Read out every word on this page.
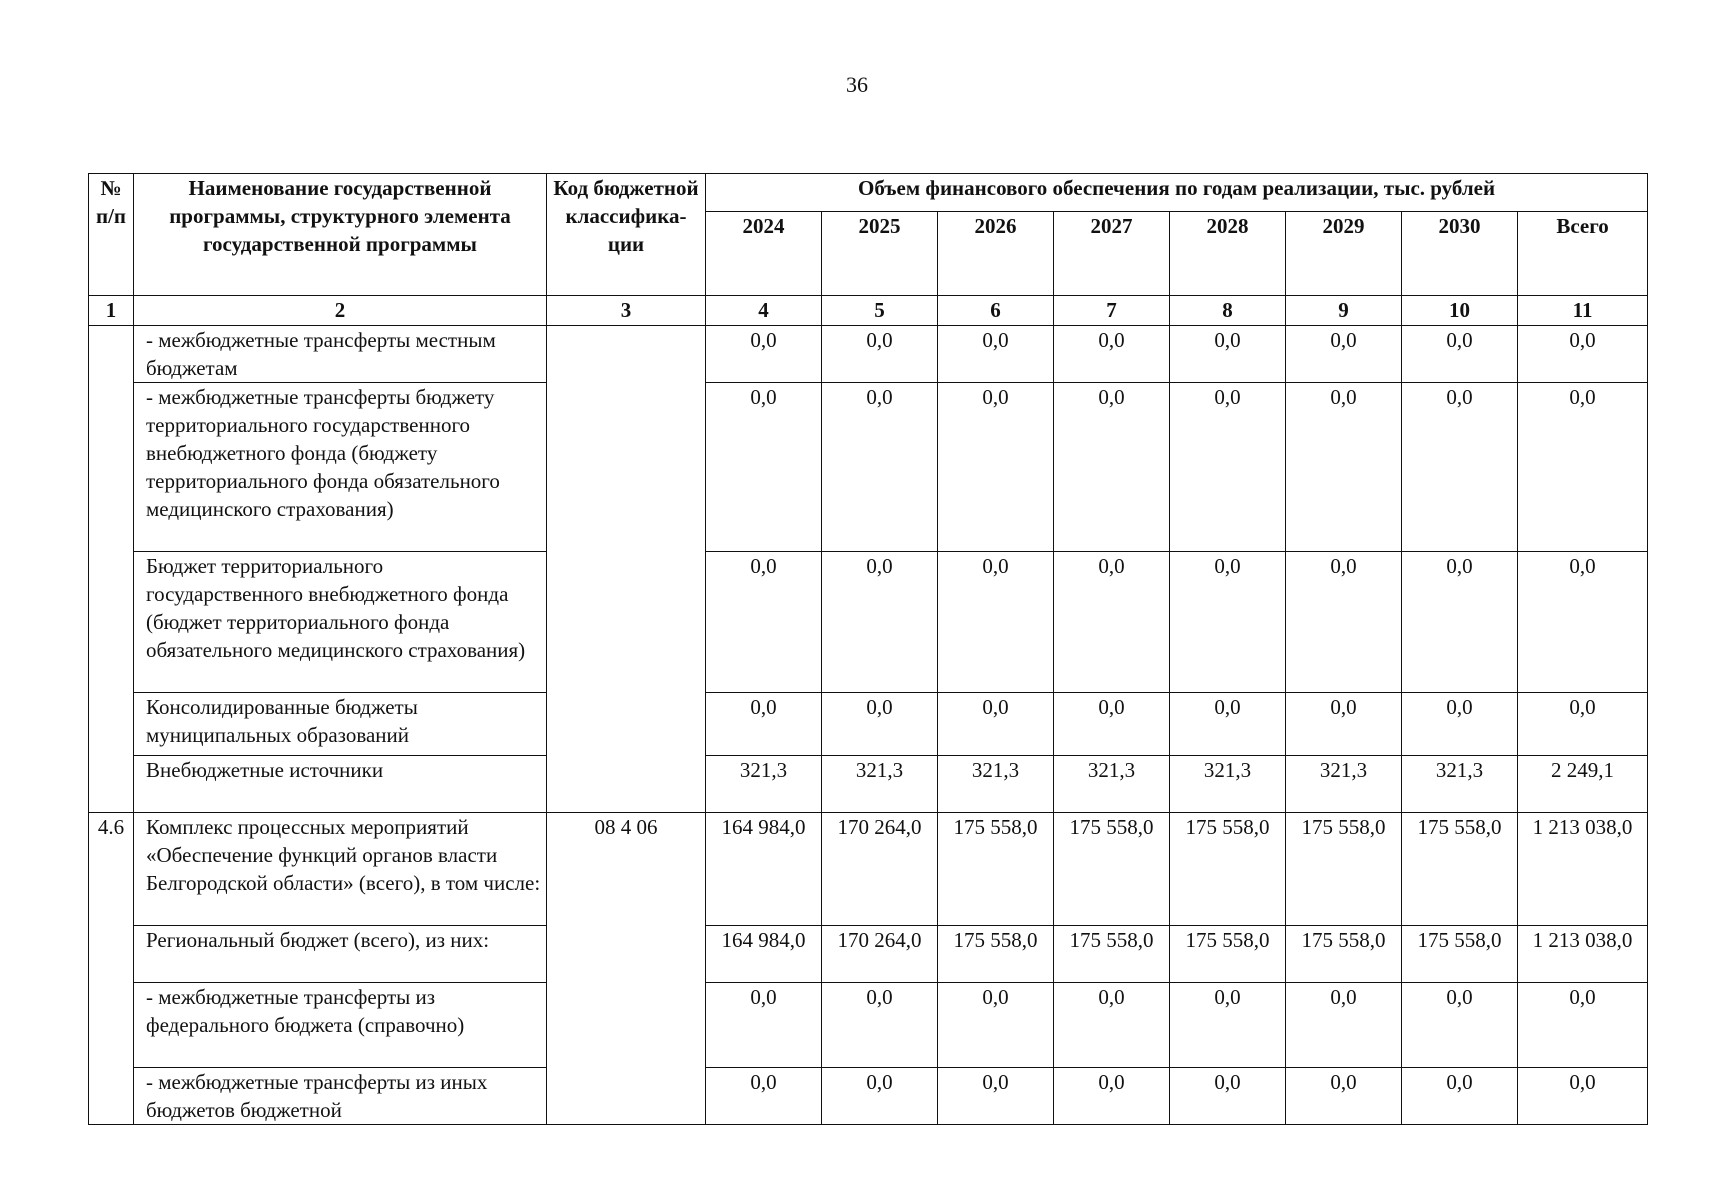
36
№ п/п	Наименование государственной программы, структурного элемента государственной программы	Код бюджетной классифика-ции	Объем финансового обеспечения по годам реализации, тыс. рублей							
			2024	2025	2026	2027	2028	2029	2030	Всего
1	2	3	4	5	6	7	8	9	10	11
	- межбюджетные трансферты местным бюджетам		0,0	0,0	0,0	0,0	0,0	0,0	0,0	0,0
	- межбюджетные трансферты бюджету территориального государственного внебюджетного фонда (бюджету территориального фонда обязательного медицинского страхования)		0,0	0,0	0,0	0,0	0,0	0,0	0,0	0,0
	Бюджет территориального государственного внебюджетного фонда (бюджет территориального фонда обязательного медицинского страхования)		0,0	0,0	0,0	0,0	0,0	0,0	0,0	0,0
	Консолидированные бюджеты муниципальных образований		0,0	0,0	0,0	0,0	0,0	0,0	0,0	0,0
	Внебюджетные источники		321,3	321,3	321,3	321,3	321,3	321,3	321,3	2 249,1
4.6	Комплекс процессных мероприятий «Обеспечение функций органов власти Белгородской области» (всего), в том числе:	08 4 06	164 984,0	170 264,0	175 558,0	175 558,0	175 558,0	175 558,0	175 558,0	1 213 038,0
	Региональный бюджет (всего), из них:		164 984,0	170 264,0	175 558,0	175 558,0	175 558,0	175 558,0	175 558,0	1 213 038,0
	- межбюджетные трансферты из федерального бюджета (справочно)		0,0	0,0	0,0	0,0	0,0	0,0	0,0	0,0
	- межбюджетные трансферты из иных бюджетов бюджетной		0,0	0,0	0,0	0,0	0,0	0,0	0,0	0,0
